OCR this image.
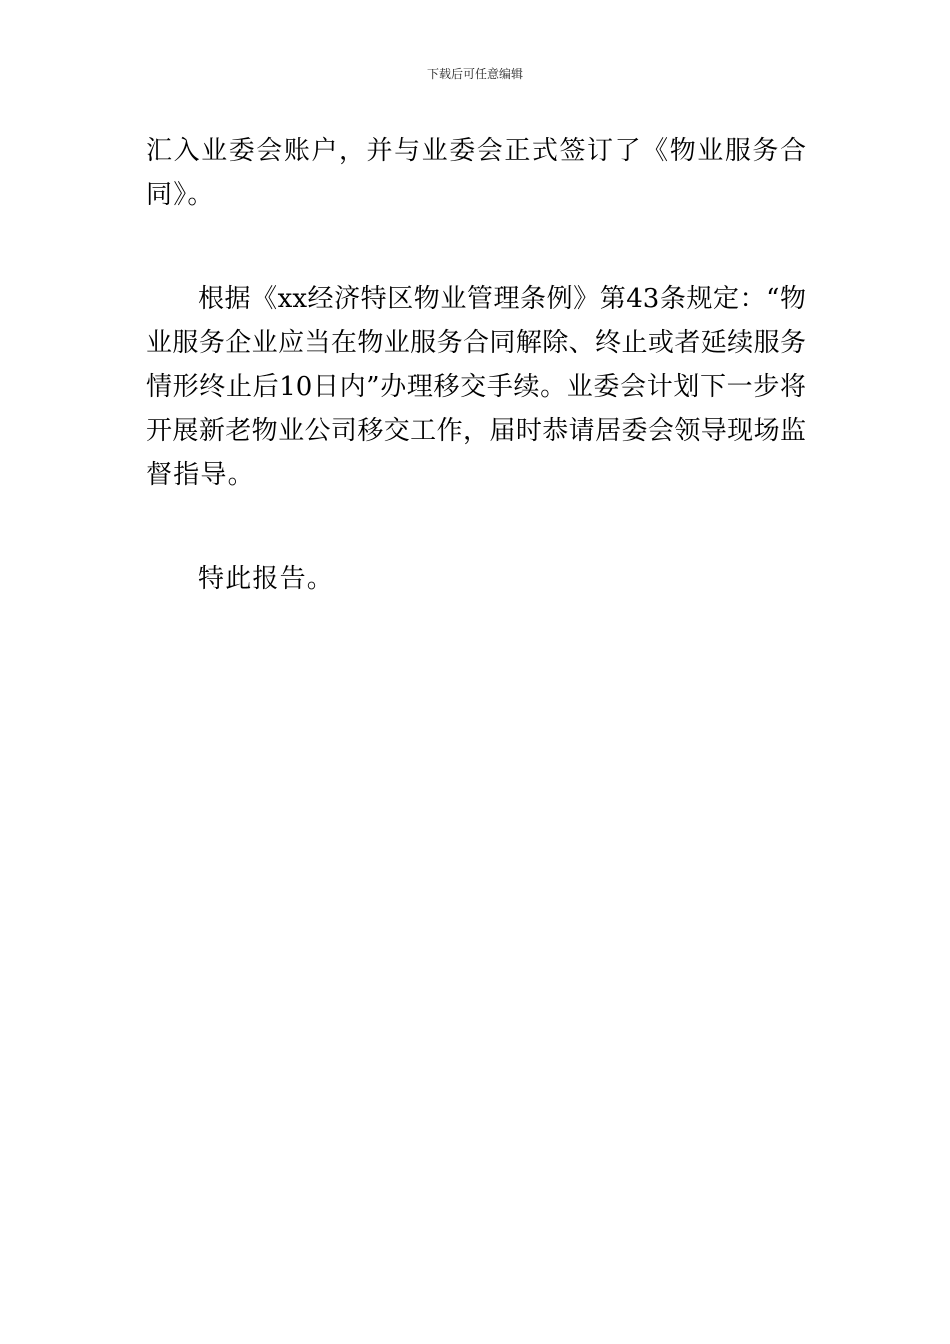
下载后可任意编辑
汇入业委会账户，并与业委会正式签订了《物业服务合
同》。
根据《xx经济特区物业管理条例》第43条规定：“物
业服务企业应当在物业服务合同解除、终止或者延续服务
情形终止后10日内”办理移交手续。业委会计划下一步将
开展新老物业公司移交工作，届时恭请居委会领导现场监
督指导。
特此报告。
